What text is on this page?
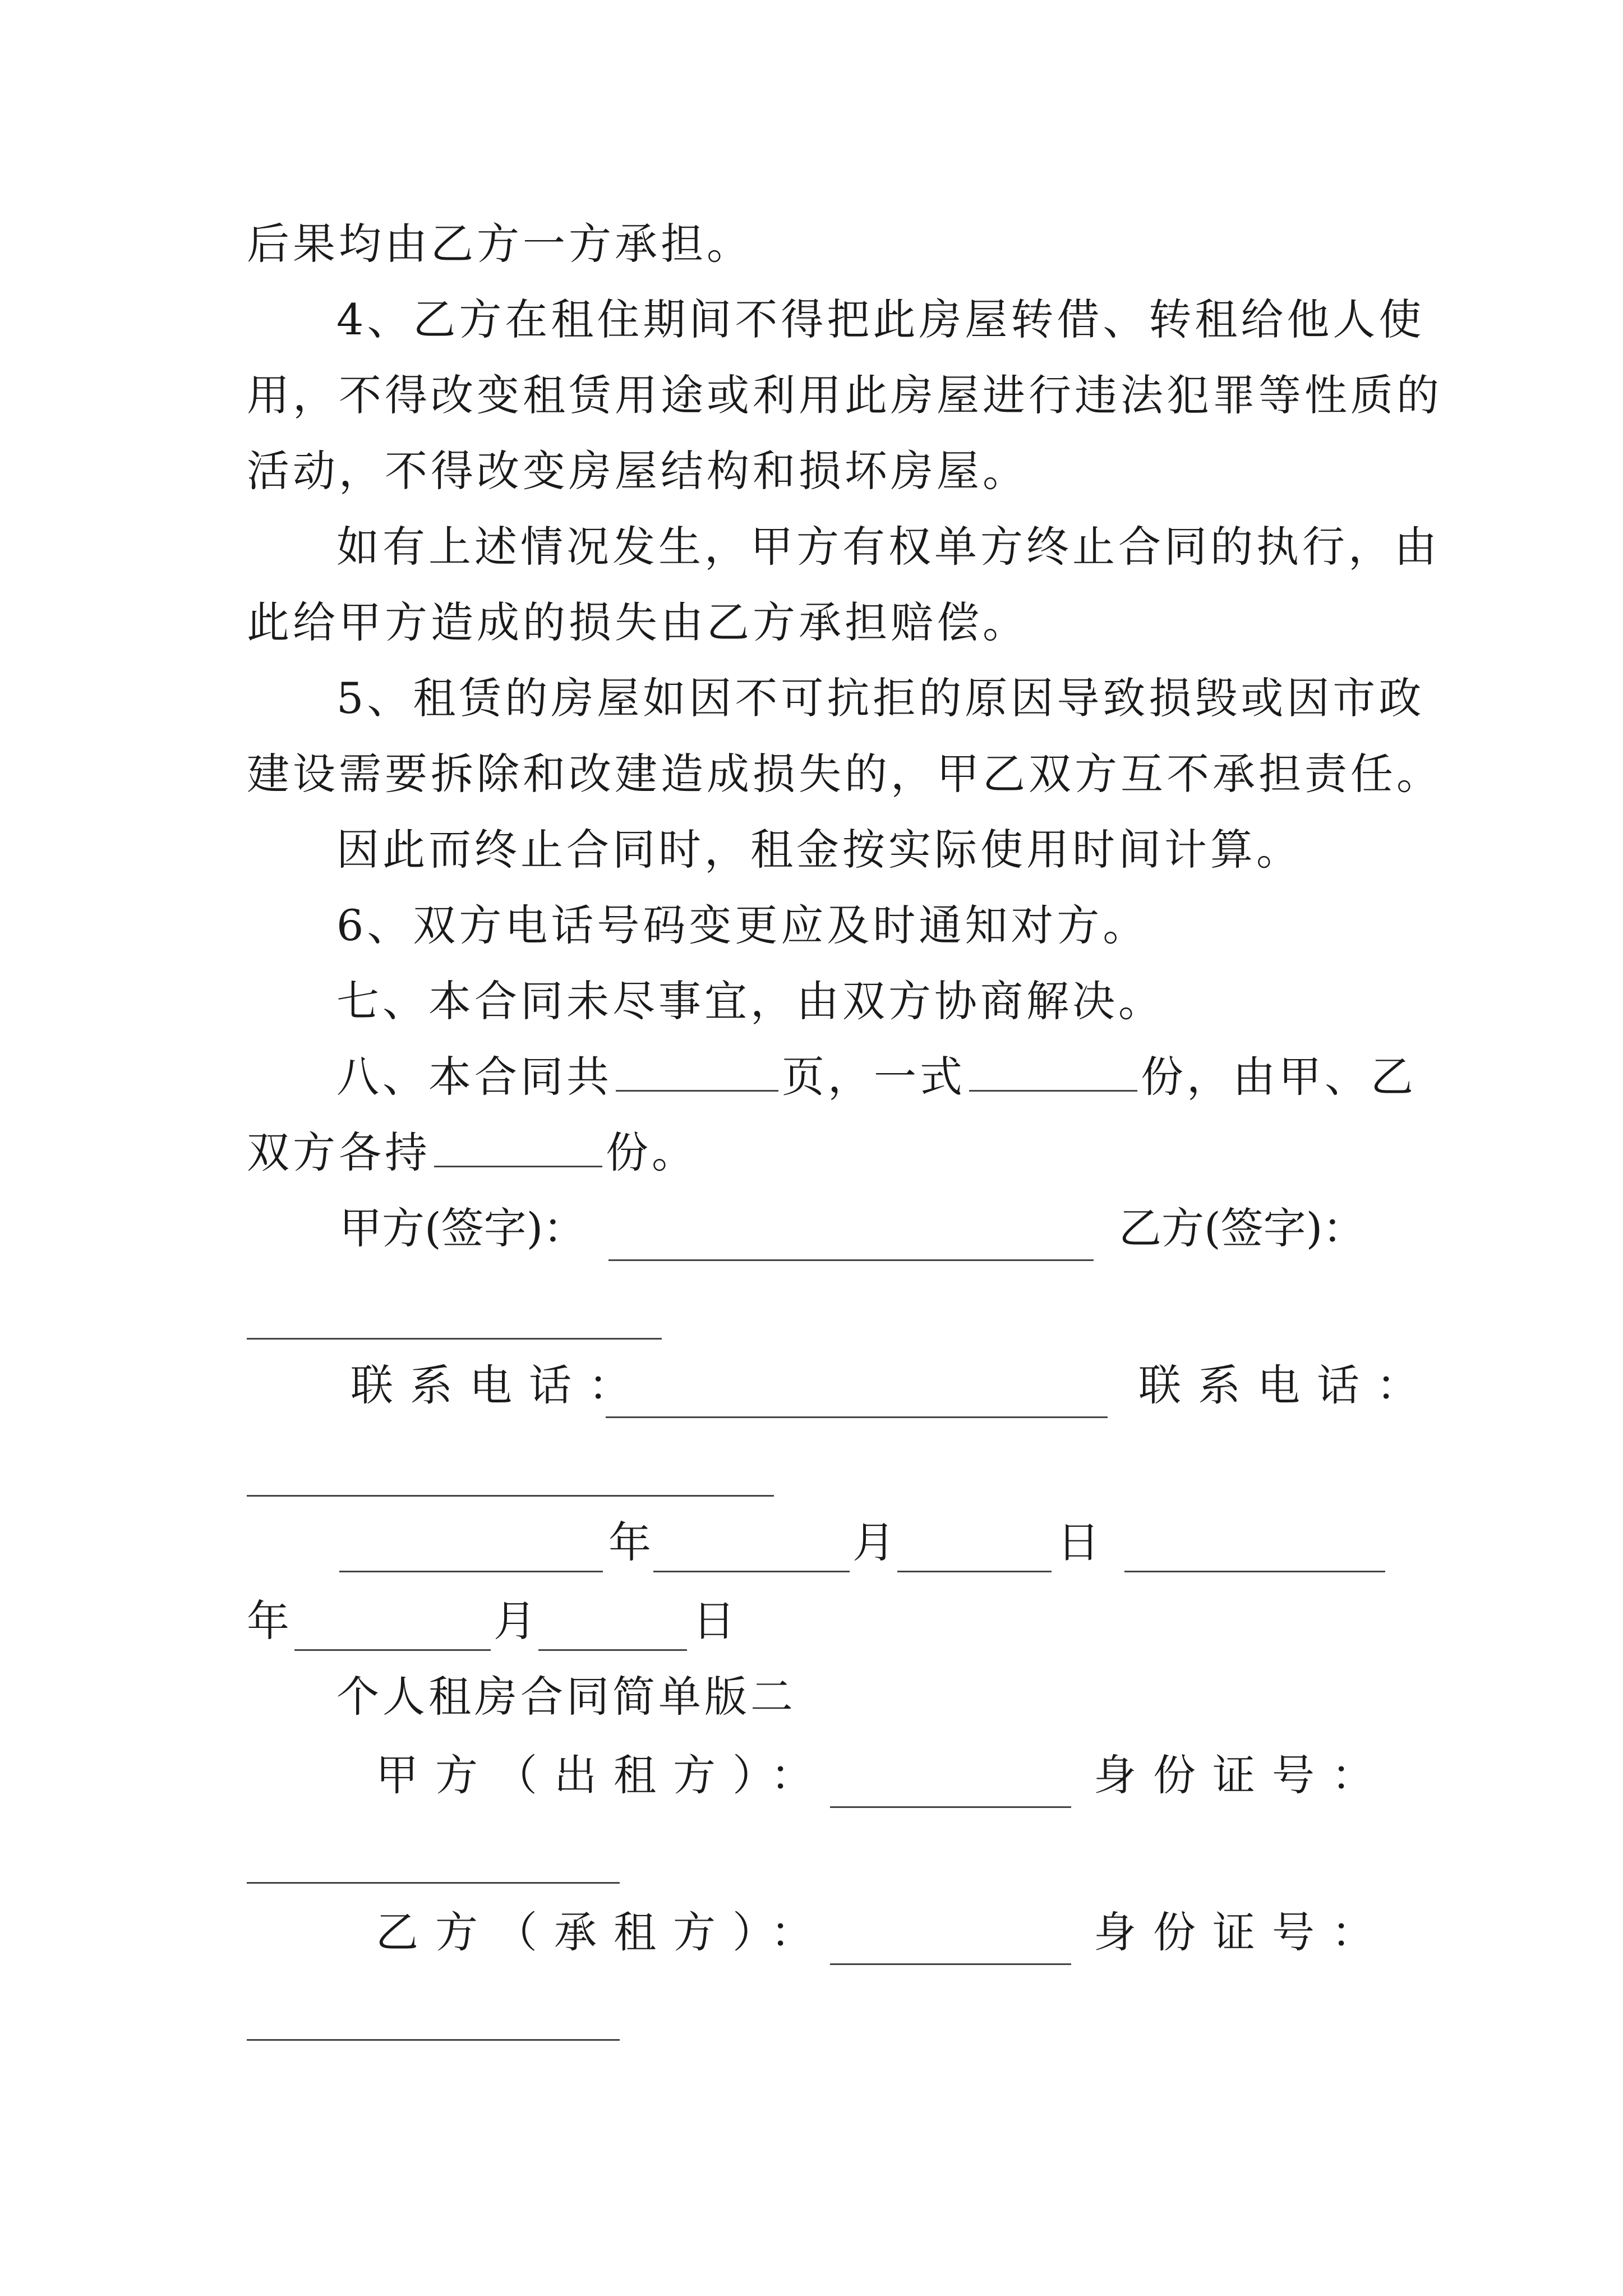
后果均由乙方一方承担。
4、乙方在租住期间不得把此房屋转借、转租给他人使
用，不得改变租赁用途或利用此房屋进行违法犯罪等性质的
活动，不得改变房屋结构和损坏房屋。
如有上述情况发生，甲方有权单方终止合同的执行，由
此给甲方造成的损失由乙方承担赔偿。
5、租赁的房屋如因不可抗拒的原因导致损毁或因市政
建设需要拆除和改建造成损失的，甲乙双方互不承担责任。
因此而终止合同时，租金按实际使用时间计算。
6、双方电话号码变更应及时通知对方。
七、本合同未尽事宜，由双方协商解决。
八、本合同共	页，一式	份，由甲、乙
双方各持	份。
甲方(签字)：	乙方(签字)：
联系电话：	联系电话：
年	月	日
年	月	日
个人租房合同简单版二
甲方（出租方）：	身份证号：
乙方（承租方）：	身份证号：
